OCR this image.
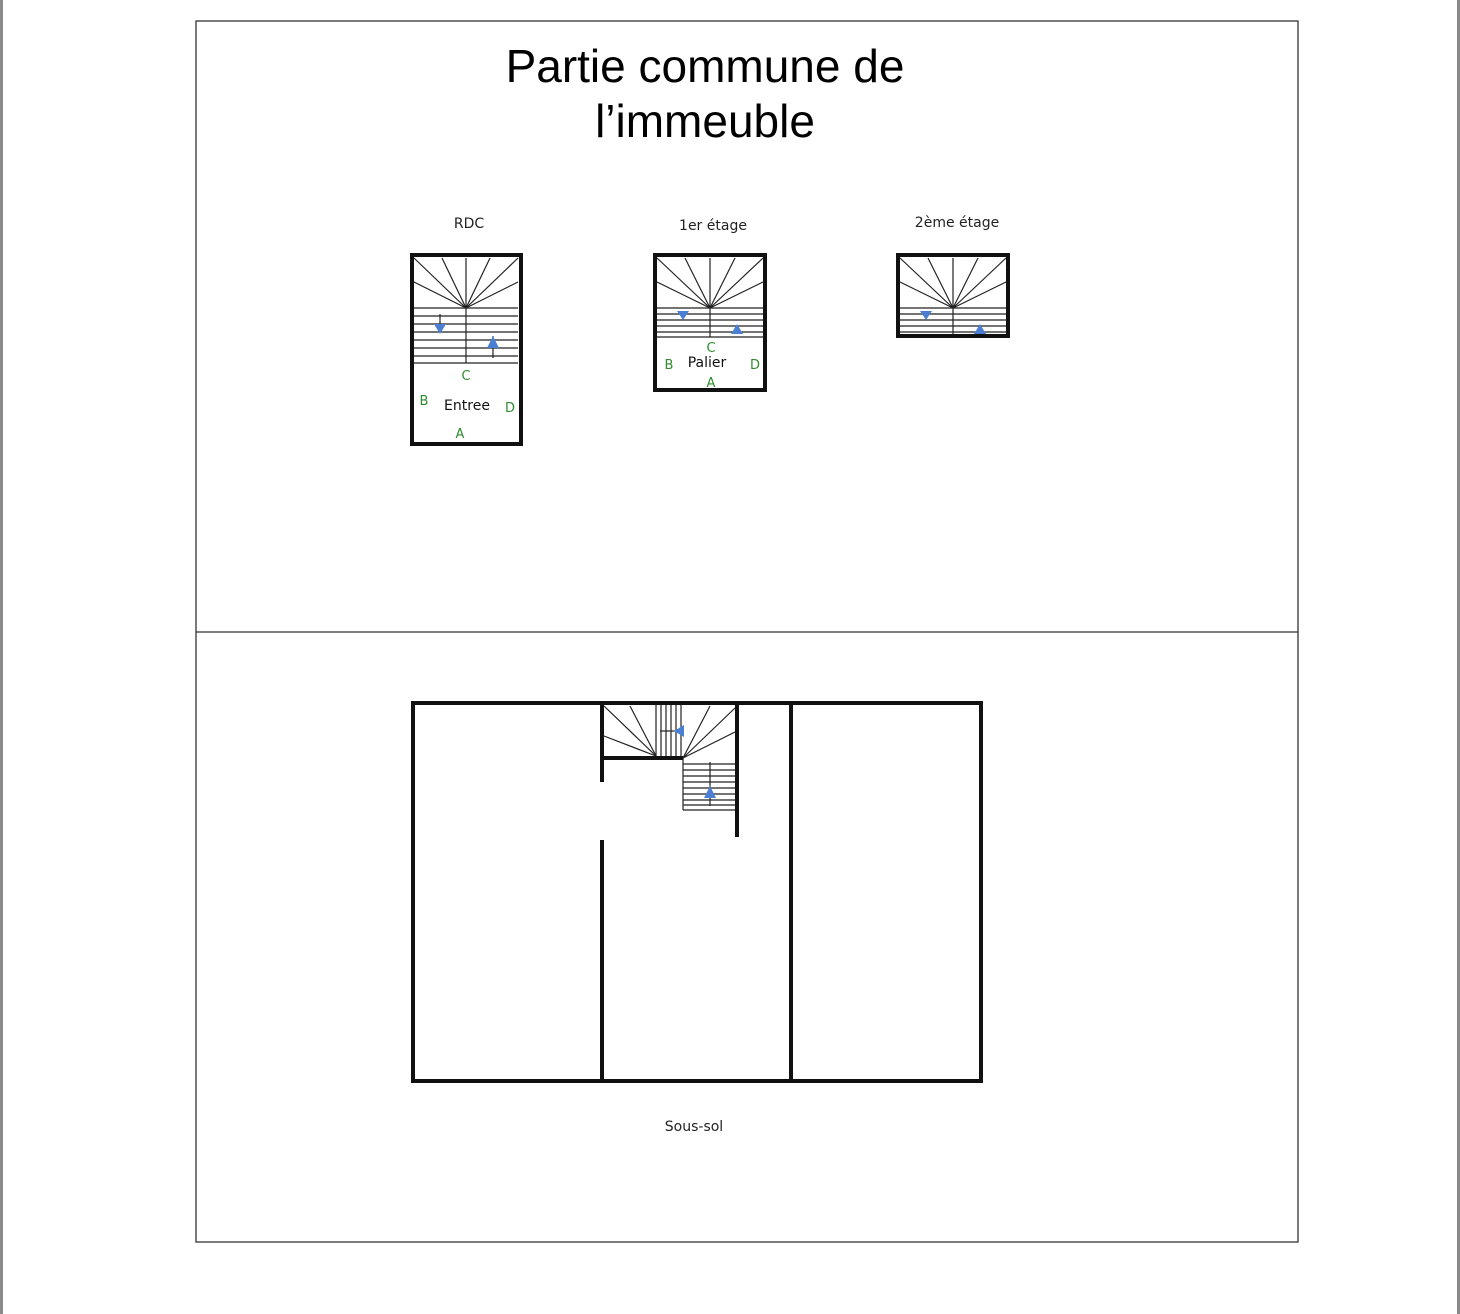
Partie commune de
l’immeuble
RDC
Entree
C
B	D
A
1er étage
C
Palier
B	D
A
2ème étage
Sous-sol
